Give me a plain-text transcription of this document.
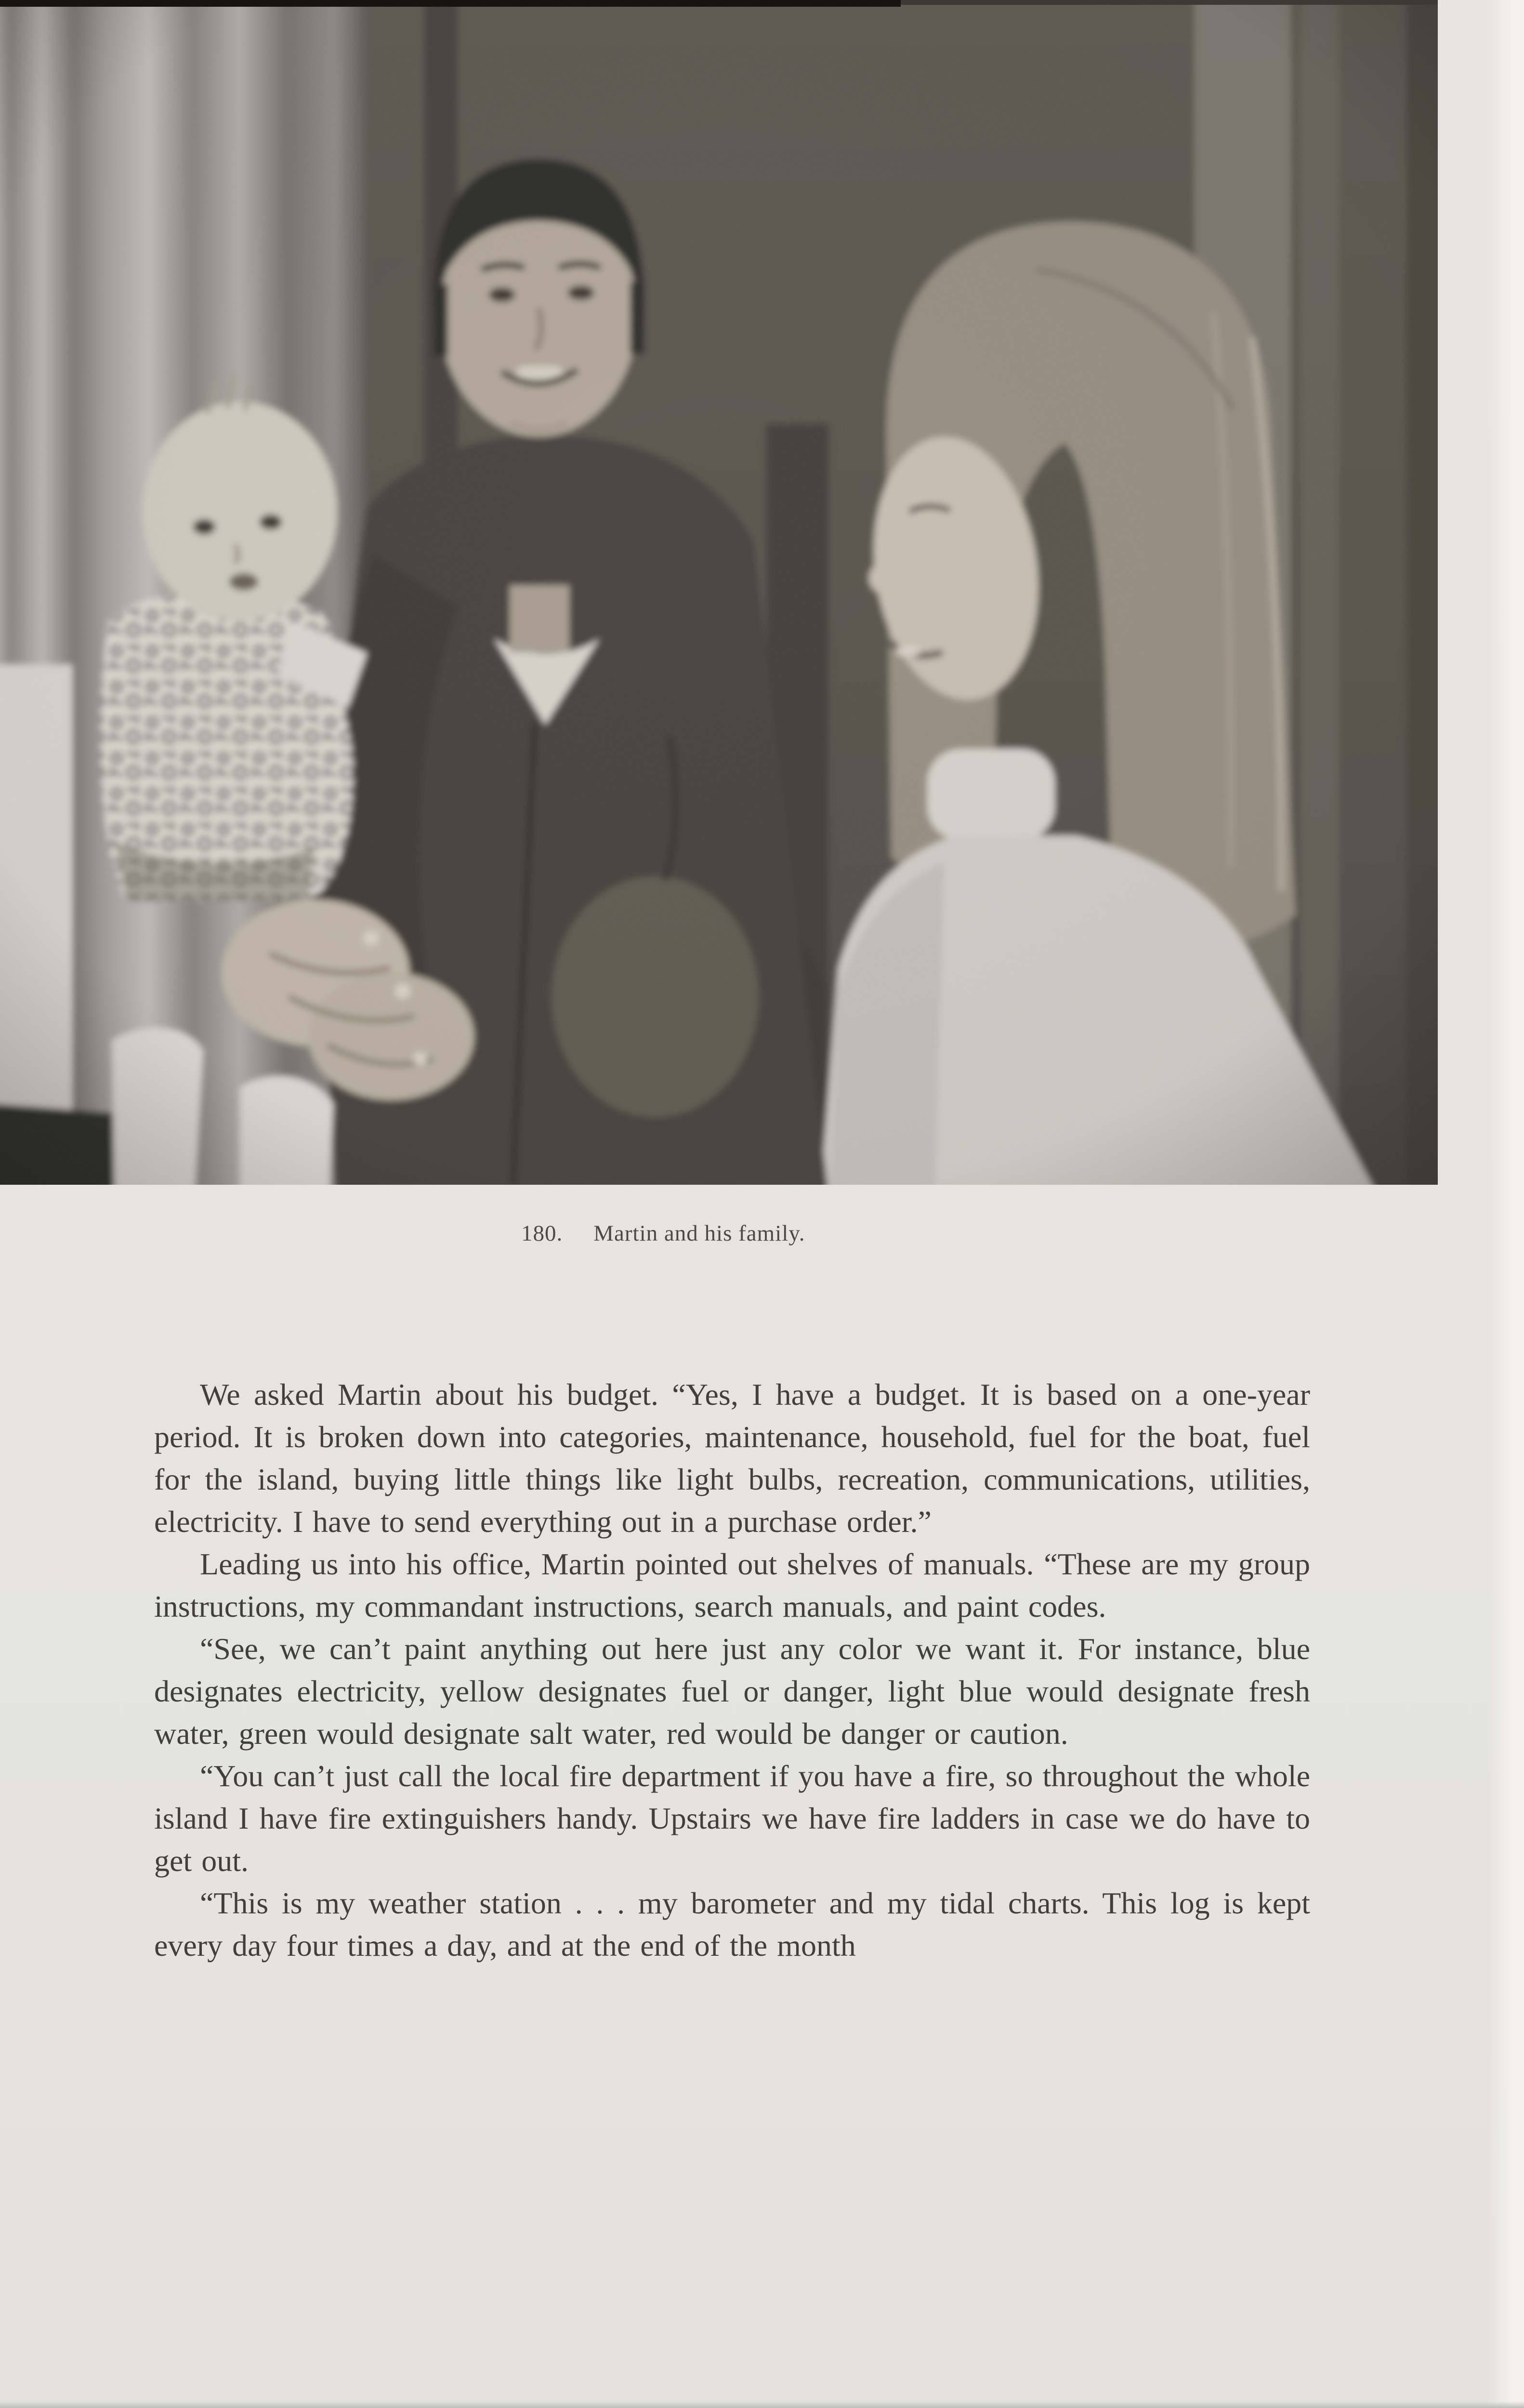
180. Martin and his family.

We asked Martin about his budget. “Yes, I have a budget. It is based on a one-year period. It is broken down into categories, maintenance, household, fuel for the boat, fuel for the island, buying little things like light bulbs, recreation, communications, utilities, electricity. I have to send everything out in a purchase order.”

Leading us into his office, Martin pointed out shelves of manuals. “These are my group instructions, my commandant instructions, search manuals, and paint codes.

“See, we can’t paint anything out here just any color we want it. For instance, blue designates electricity, yellow designates fuel or danger, light blue would designate fresh water, green would designate salt water, red would be danger or caution.

“You can’t just call the local fire department if you have a fire, so throughout the whole island I have fire extinguishers handy. Upstairs we have fire ladders in case we do have to get out.

“This is my weather station . . . my barometer and my tidal charts. This log is kept every day four times a day, and at the end of the month
